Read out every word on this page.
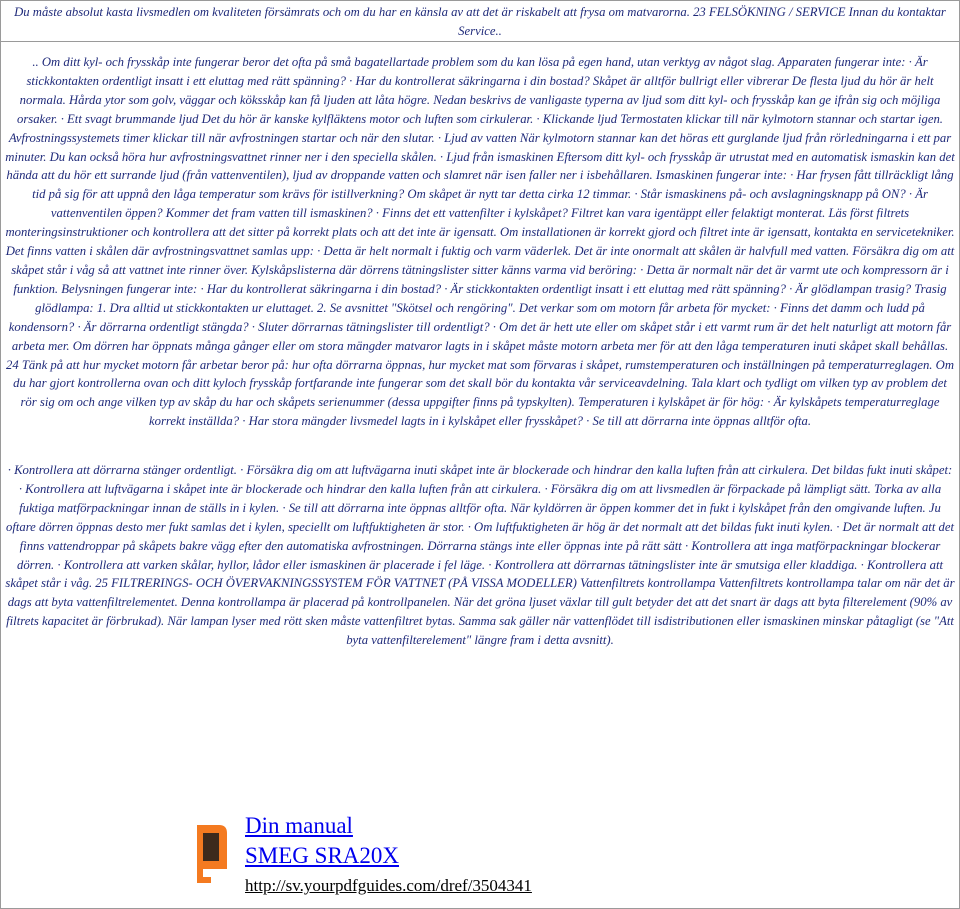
Du måste absolut kasta livsmedlen om kvaliteten försämrats och om du har en känsla av att det är riskabelt att frysa om matvarorna. 23 FELSÖKNING / SERVICE Innan du kontaktar Service..

.. Om ditt kyl- och frysskåp inte fungerar beror det ofta på små bagatellartade problem som du kan lösa på egen hand, utan verktyg av något slag. Apparaten fungerar inte: · Är stickkontakten ordentligt insatt i ett eluttag med rätt spänning? · Har du kontrollerat säkringarna i din bostad? Skåpet är alltför bullrigt eller vibrerar De flesta ljud du hör är helt normala. Hårda ytor som golv, väggar och köksskåp kan få ljuden att låta högre. Nedan beskrivs de vanligaste typerna av ljud som ditt kyl- och frysskåp kan ge ifrån sig och möjliga orsaker. · Ett svagt brummande ljud Det du hör är kanske kylfläktens motor och luften som cirkulerar. · Klickande ljud Termostaten klickar till när kylmotorn stannar och startar igen. Avfrostningssystemets timer klickar till när avfrostningen startar och när den slutar. · Ljud av vatten När kylmotorn stannar kan det höras ett gurglande ljud från rörledningarna i ett par minuter. Du kan också höra hur avfrostningsvattnet rinner ner i den speciella skålen. · Ljud från ismaskinen Eftersom ditt kyl- och frysskåp är utrustat med en automatisk ismaskin kan det hända att du hör ett surrande ljud (från vattenventilen), ljud av droppande vatten och slamret när isen faller ner i isbehållaren. Ismaskinen fungerar inte: · Har frysen fått tillräckligt lång tid på sig för att uppnå den låga temperatur som krävs för istillverkning? Om skåpet är nytt tar detta cirka 12 timmar. · Står ismaskinens på- och avslagningsknapp på ON? · Är vattenventilen öppen? Kommer det fram vatten till ismaskinen? · Finns det ett vattenfilter i kylskåpet? Filtret kan vara igentäppt eller felaktigt monterat. Läs först filtrets monteringsinstruktioner och kontrollera att det sitter på korrekt plats och att det inte är igensatt. Om installationen är korrekt gjord och filtret inte är igensatt, kontakta en servicetekniker. Det finns vatten i skålen där avfrostningsvattnet samlas upp: · Detta är helt normalt i fuktig och varm väderlek. Det är inte onormalt att skålen är halvfull med vatten. Försäkra dig om att skåpet står i våg så att vattnet inte rinner över. Kylskåpslisterna där dörrens tätningslister sitter känns varma vid beröring: · Detta är normalt när det är varmt ute och kompressorn är i funktion. Belysningen fungerar inte: · Har du kontrollerat säkringarna i din bostad? · Är stickkontakten ordentligt insatt i ett eluttag med rätt spänning? · Är glödlampan trasig? Trasig glödlampa: 1. Dra alltid ut stickkontakten ur eluttaget. 2. Se avsnittet "Skötsel och rengöring". Det verkar som om motorn får arbeta för mycket: · Finns det damm och ludd på kondensorn? · Är dörrarna ordentligt stängda? · Sluter dörrarnas tätningslister till ordentligt? · Om det är hett ute eller om skåpet står i ett varmt rum är det helt naturligt att motorn får arbeta mer. Om dörren har öppnats många gånger eller om stora mängder matvaror lagts in i skåpet måste motorn arbeta mer för att den låga temperaturen inuti skåpet skall behållas. 24 Tänk på att hur mycket motorn får arbetar beror på: hur ofta dörrarna öppnas, hur mycket mat som förvaras i skåpet, rumstemperaturen och inställningen på temperaturreglagen. Om du har gjort kontrollerna ovan och ditt kyloch frysskåp fortfarande inte fungerar som det skall bör du kontakta vår serviceavdelning. Tala klart och tydligt om vilken typ av problem det rör sig om och ange vilken typ av skåp du har och skåpets serienummer (dessa uppgifter finns på typskylten). Temperaturen i kylskåpet är för hög: · Är kylskåpets temperaturreglage korrekt inställda? · Har stora mängder livsmedel lagts in i kylskåpet eller frysskåpet? · Se till att dörrarna inte öppnas alltför ofta.

· Kontrollera att dörrarna stänger ordentligt. · Försäkra dig om att luftvägarna inuti skåpet inte är blockerade och hindrar den kalla luften från att cirkulera. Det bildas fukt inuti skåpet: · Kontrollera att luftvägarna i skåpet inte är blockerade och hindrar den kalla luften från att cirkulera. · Försäkra dig om att livsmedlen är förpackade på lämpligt sätt. Torka av alla fuktiga matförpackningar innan de ställs in i kylen. · Se till att dörrarna inte öppnas alltför ofta. När kyldörren är öppen kommer det in fukt i kylskåpet från den omgivande luften. Ju oftare dörren öppnas desto mer fukt samlas det i kylen, speciellt om luftfuktigheten är stor. · Om luftfuktigheten är hög är det normalt att det bildas fukt inuti kylen. · Det är normalt att det finns vattendroppar på skåpets bakre vägg efter den automatiska avfrostningen. Dörrarna stängs inte eller öppnas inte på rätt sätt · Kontrollera att inga matförpackningar blockerar dörren. · Kontrollera att varken skålar, hyllor, lådor eller ismaskinen är placerade i fel läge. · Kontrollera att dörrarnas tätningslister inte är smutsiga eller kladdiga. · Kontrollera att skåpet står i våg. 25 FILTRERINGS- OCH ÖVERVAKNINGSSYSTEM FÖR VATTNET (PÅ VISSA MODELLER) Vattenfiltrets kontrollampa Vattenfiltrets kontrollampa talar om när det är dags att byta vattenfiltrelementet. Denna kontrollampa är placerad på kontrollpanelen. När det gröna ljuset växlar till gult betyder det att det snart är dags att byta filterelement (90% av filtrets kapacitet är förbrukad). När lampan lyser med rött sken måste vattenfiltret bytas. Samma sak gäller när vattenflödet till isdistributionen eller ismaskinen minskar påtagligt (se "Att byta vattenfilterelement" längre fram i detta avsnitt).

Din manual
SMEG SRA20X
http://sv.yourpdfguides.com/dref/3504341
